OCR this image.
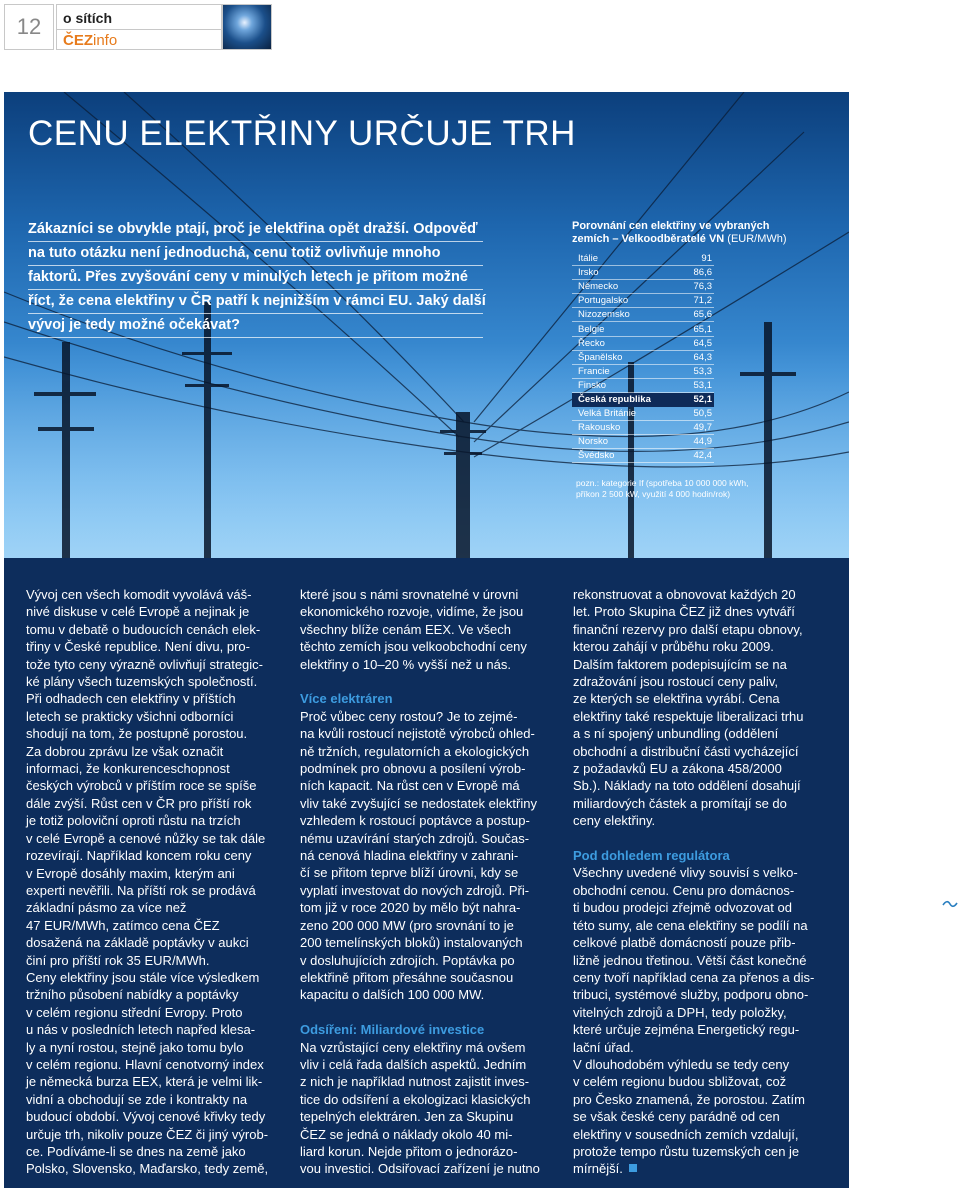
12	o sítích
ČEZinfo
CENU ELEKTŘINY URČUJE TRH
Zákazníci se obvykle ptají, proč je elektřina opět dražší. Odpověď
na tuto otázku není jednoduchá, cenu totiž ovlivňuje mnoho
faktorů. Přes zvyšování ceny v minulých letech je přitom možné
říct, že cena elektřiny v ČR patří k nejnižším v rámci EU. Jaký další
vývoj je tedy možné očekávat?
Porovnání cen elektřiny ve vybraných
zemích – Velkoodběratelé VN (EUR/MWh)
Itálie	91
Irsko	86,6
Německo	76,3
Portugalsko	71,2
Nizozemsko	65,6
Belgie	65,1
Řecko	64,5
Španělsko	64,3
Francie	53,3
Finsko	53,1
Česká republika	52,1
Velká Británie	50,5
Rakousko	49,7
Norsko	44,9
Švédsko	42,4
pozn.: kategorie If (spotřeba 10 000 000 kWh,
příkon 2 500 kW, využití 4 000 hodin/rok)
Vývoj cen všech komodit vyvolává váš-
nivé diskuse v celé Evropě a nejinak je
tomu v debatě o budoucích cenách elek-
třiny v České republice. Není divu, pro-
tože tyto ceny výrazně ovlivňují strategic-
ké plány všech tuzemských společností.
Při odhadech cen elektřiny v příštích
letech se prakticky všichni odborníci
shodují na tom, že postupně porostou.
Za dobrou zprávu lze však označit
informaci, že konkurenceschopnost
českých výrobců v příštím roce se spíše
dále zvýší. Růst cen v ČR pro příští rok
je totiž poloviční oproti růstu na trzích
v celé Evropě a cenové nůžky se tak dále
rozevírají. Například koncem roku ceny
v Evropě dosáhly maxim, kterým ani
experti nevěřili. Na příští rok se prodává
základní pásmo za více než
47 EUR/MWh, zatímco cena ČEZ
dosažená na základě poptávky v aukci
činí pro příští rok 35 EUR/MWh.
Ceny elektřiny jsou stále více výsledkem
tržního působení nabídky a poptávky
v celém regionu střední Evropy. Proto
u nás v posledních letech napřed klesa-
ly a nyní rostou, stejně jako tomu bylo
v celém regionu. Hlavní cenotvorný index
je německá burza EEX, která je velmi lik-
vidní a obchodují se zde i kontrakty na
budoucí období. Vývoj cenové křivky tedy
určuje trh, nikoliv pouze ČEZ či jiný výrob-
ce. Podíváme-li se dnes na země jako
Polsko, Slovensko, Maďarsko, tedy země,
které jsou s námi srovnatelné v úrovni
ekonomického rozvoje, vidíme, že jsou
všechny blíže cenám EEX. Ve všech
těchto zemích jsou velkoobchodní ceny
elektřiny o 10–20 % vyšší než u nás.
Více elektráren
Proč vůbec ceny rostou? Je to zejmé-
na kvůli rostoucí nejistotě výrobců ohled-
ně tržních, regulatorních a ekologických
podmínek pro obnovu a posílení výrob-
ních kapacit. Na růst cen v Evropě má
vliv také zvyšující se nedostatek elektřiny
vzhledem k rostoucí poptávce a postup-
nému uzavírání starých zdrojů. Součas-
ná cenová hladina elektřiny v zahrani-
čí se přitom teprve blíží úrovni, kdy se
vyplatí investovat do nových zdrojů. Při-
tom již v roce 2020 by mělo být nahra-
zeno 200 000 MW (pro srovnání to je
200 temelínských bloků) instalovaných
v dosluhujících zdrojích. Poptávka po
elektřině přitom přesáhne současnou
kapacitu o dalších 100 000 MW.
Odsíření: Miliardové investice
Na vzrůstající ceny elektřiny má ovšem
vliv i celá řada dalších aspektů. Jedním
z nich je například nutnost zajistit inves-
tice do odsíření a ekologizaci klasických
tepelných elektráren. Jen za Skupinu
ČEZ se jedná o náklady okolo 40 mi-
liard korun. Nejde přitom o jednorázo-
vou investici. Odsiřovací zařízení je nutno
rekonstruovat a obnovovat každých 20
let. Proto Skupina ČEZ již dnes vytváří
finanční rezervy pro další etapu obnovy,
kterou zahájí v průběhu roku 2009.
Dalším faktorem podepisujícím se na
zdražování jsou rostoucí ceny paliv,
ze kterých se elektřina vyrábí. Cena
elektřiny také respektuje liberalizaci trhu
a s ní spojený unbundling (oddělení
obchodní a distribuční části vycházející
z požadavků EU a zákona 458/2000
Sb.). Náklady na toto oddělení dosahují
miliardových částek a promítají se do
ceny elektřiny.
Pod dohledem regulátora
Všechny uvedené vlivy souvisí s velko-
obchodní cenou. Cenu pro domácnos-
ti budou prodejci zřejmě odvozovat od
této sumy, ale cena elektřiny se podílí na
celkové platbě domácností pouze přib-
ližně jednou třetinou. Větší část konečné
ceny tvoří například cena za přenos a dis-
tribuci, systémové služby, podporu obno-
vitelných zdrojů a DPH, tedy položky,
které určuje zejména Energetický regu-
lační úřad.
V dlouhodobém výhledu se tedy ceny
v celém regionu budou sbližovat, což
pro Česko znamená, že porostou. Zatím
se však české ceny parádně od cen
elektřiny v sousedních zemích vzdalují,
protože tempo růstu tuzemských cen je
mírnější.
